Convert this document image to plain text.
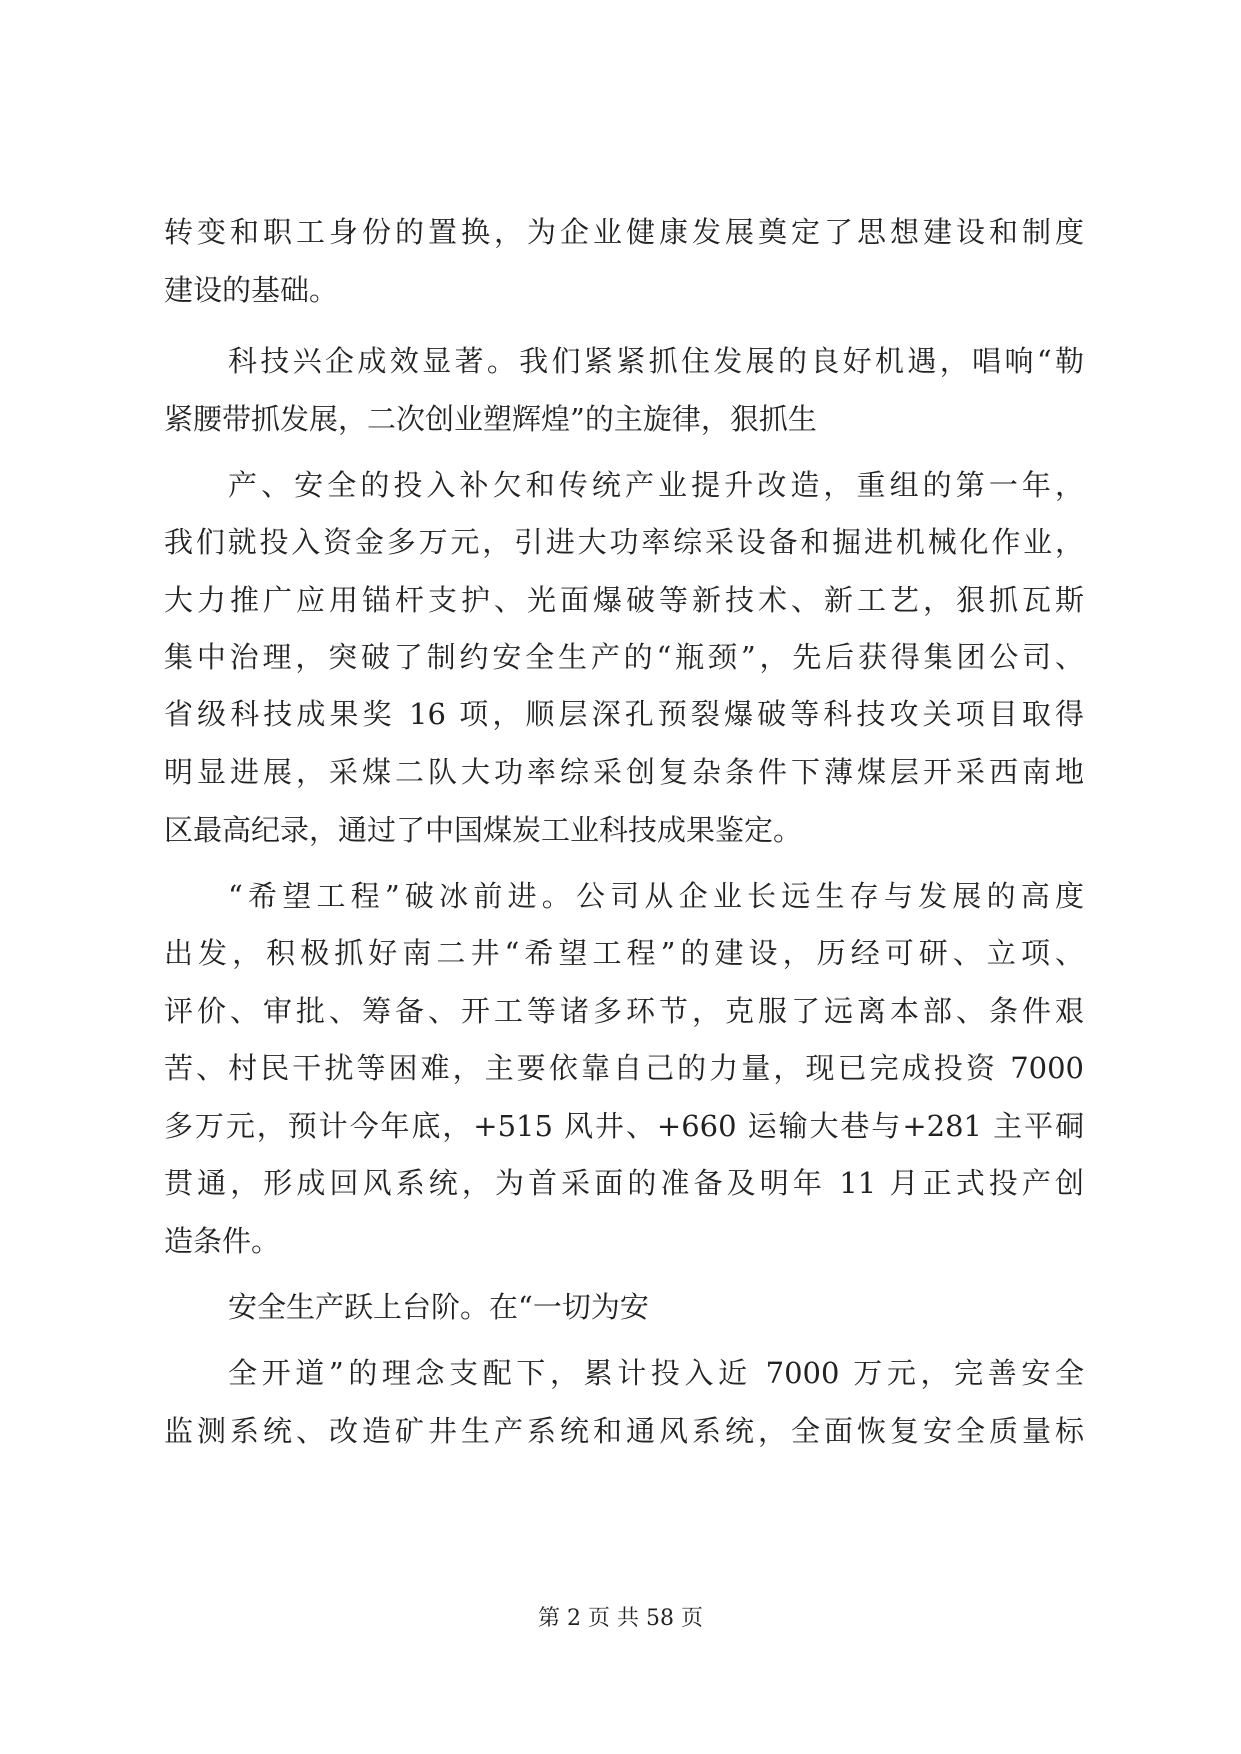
转变和职工身份的置换，为企业健康发展奠定了思想建设和制度
建设的基础。
科技兴企成效显著。我们紧紧抓住发展的良好机遇，唱响“勒
紧腰带抓发展，二次创业塑辉煌”的主旋律，狠抓生
产、安全的投入补欠和传统产业提升改造，重组的第一年，
我们就投入资金多万元，引进大功率综采设备和掘进机械化作业，
大力推广应用锚杆支护、光面爆破等新技术、新工艺，狠抓瓦斯
集中治理，突破了制约安全生产的“瓶颈”，先后获得集团公司、
省级科技成果奖 16 项，顺层深孔预裂爆破等科技攻关项目取得
明显进展，采煤二队大功率综采创复杂条件下薄煤层开采西南地
区最高纪录，通过了中国煤炭工业科技成果鉴定。
“希望工程”破冰前进。公司从企业长远生存与发展的高度
出发，积极抓好南二井“希望工程”的建设，历经可研、立项、
评价、审批、筹备、开工等诸多环节，克服了远离本部、条件艰
苦、村民干扰等困难，主要依靠自己的力量，现已完成投资 7000
多万元，预计今年底，+515 风井、+660 运输大巷与+281 主平硐
贯通，形成回风系统，为首采面的准备及明年 11 月正式投产创
造条件。
安全生产跃上台阶。在“一切为安
全开道”的理念支配下，累计投入近 7000 万元，完善安全
监测系统、改造矿井生产系统和通风系统，全面恢复安全质量标
第 2 页 共 58 页
